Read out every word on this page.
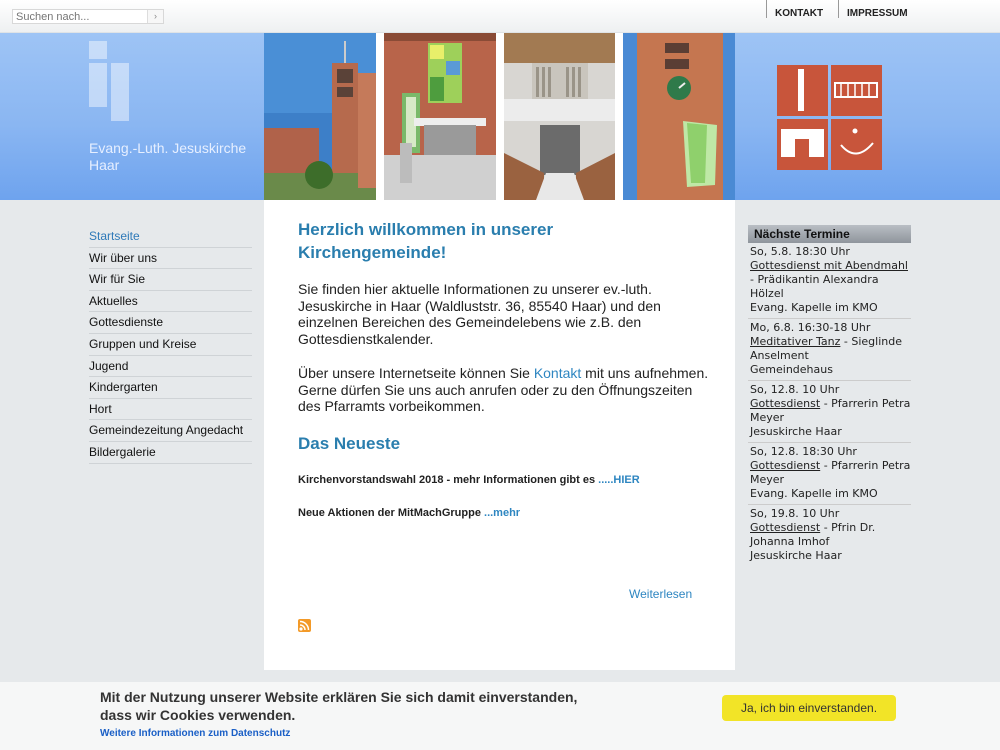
Suchen nach...
›	KONTAKT	IMPRESSUM
Evang.-Luth. Jesuskirche Haar
Startseite
Wir über uns
Wir für Sie
Aktuelles
Gottesdienste
Gruppen und Kreise
Jugend
Kindergarten
Hort
Gemeindezeitung Angedacht
Bildergalerie
Herzlich willkommen in unserer Kirchengemeinde!

Sie finden hier aktuelle Informationen zu unserer ev.-luth. Jesuskirche in Haar (Waldluststr. 36, 85540 Haar) und den einzelnen Bereichen des Gemeindelebens wie z.B. den Gottesdienstkalender.

Über unsere Internetseite können Sie Kontakt mit uns aufnehmen. Gerne dürfen Sie uns auch anrufen oder zu den Öffnungszeiten des Pfarramts vorbeikommen.

Das Neueste
Kirchenvorstandswahl 2018 - mehr Informationen gibt es .....HIER
Neue Aktionen der MitMachGruppe ...mehr
Weiterlesen
Nächste Termine
So, 5.8. 18:30 Uhr
Gottesdienst mit Abendmahl - Prädikantin Alexandra Hölzel
Evang. Kapelle im KMO
Mo, 6.8. 16:30-18 Uhr
Meditativer Tanz - Sieglinde Anselment
Gemeindehaus
So, 12.8. 10 Uhr
Gottesdienst - Pfarrerin Petra Meyer
Jesuskirche Haar
So, 12.8. 18:30 Uhr
Gottesdienst - Pfarrerin Petra Meyer
Evang. Kapelle im KMO
So, 19.8. 10 Uhr
Gottesdienst - Pfrin Dr. Johanna Imhof
Jesuskirche Haar
Mit der Nutzung unserer Website erklären Sie sich damit einverstanden, dass wir Cookies verwenden.
Weitere Informationen zum Datenschutz
Ja, ich bin einverstanden.
